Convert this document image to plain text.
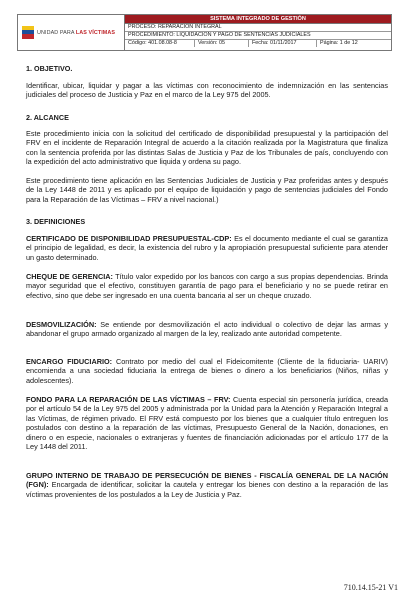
UNIDAD PARA LAS VÍCTIMAS
SISTEMA INTEGRADO DE GESTIÓN
PROCESO: REPARACIÓN INTEGRAL
PROCEDIMIENTO: LIQUIDACIÓN Y PAGO DE SENTENCIAS JUDICIALES
Código: 401.08.08-8	Versión: 05	Fecha: 01/11/2017	Página: 1 de 12
1. OBJETIVO.
Identificar, ubicar, liquidar y pagar a las víctimas con reconocimiento de indemnización en las sentencias judiciales del proceso de Justicia y Paz en el marco de la Ley 975 del 2005.
2. ALCANCE
Este procedimiento inicia con la solicitud del certificado de disponibilidad presupuestal y la participación del FRV en el incidente de Reparación Integral de acuerdo a la citación realizada por la Magistratura que finaliza con la sentencia proferida por las distintas Salas de Justicia y Paz de los Tribunales de país, concluyendo con la expedición del acto administrativo que liquida y ordena su pago.
Este procedimiento tiene aplicación en las Sentencias Judiciales de Justicia y Paz proferidas antes y después de la Ley 1448 de 2011 y es aplicado por el equipo de liquidación y pago de sentencias judiciales del Fondo para la Reparación de las Víctimas – FRV a nivel nacional.)
3. DEFINICIONES
CERTIFICADO DE DISPONIBILIDAD PRESUPUESTAL-CDP: Es el documento mediante el cual se garantiza el principio de legalidad, es decir, la existencia del rubro y la apropiación presupuestal suficiente para atender un gasto determinado.
CHEQUE DE GERENCIA: Título valor expedido por los bancos con cargo a sus propias dependencias. Brinda mayor seguridad que el efectivo, constituyen garantía de pago para el beneficiario y no se puede retirar en efectivo, sino que debe ser ingresado en una cuenta bancaria al ser un cheque cruzado.
DESMOVILIZACIÓN: Se entiende por desmovilización el acto individual o colectivo de dejar las armas y abandonar el grupo armado organizado al margen de la ley, realizado ante autoridad competente.
ENCARGO FIDUCIARIO: Contrato por medio del cual el Fideicomitente (Cliente de la fiduciaria- UARIV) encomienda a una sociedad fiduciaria la entrega de bienes o dinero a los beneficiarios (Niños, niñas y adolescentes).
FONDO PARA LA REPARACIÓN DE LAS VÍCTIMAS – FRV: Cuenta especial sin personería jurídica, creada por el artículo 54 de la Ley 975 del 2005 y administrada por la Unidad para la Atención y Reparación Integral a las Víctimas, de régimen privado. El FRV está compuesto por los bienes que a cualquier título entreguen los postulados con destino a la reparación de las víctimas, Presupuesto General de la Nación, donaciones, en dinero o en especie, nacionales o extranjeras y fuentes de financiación adicionadas por el artículo 177 de la Ley 1448 del 2011.
GRUPO INTERNO DE TRABAJO DE PERSECUCIÓN DE BIENES - FISCALÍA GENERAL DE LA NACIÓN (FGN): Encargada de identificar, solicitar la cautela y entregar los bienes con destino a la reparación de las víctimas provenientes de los postulados a la Ley de Justicia y Paz.
710.14.15-21 V1
